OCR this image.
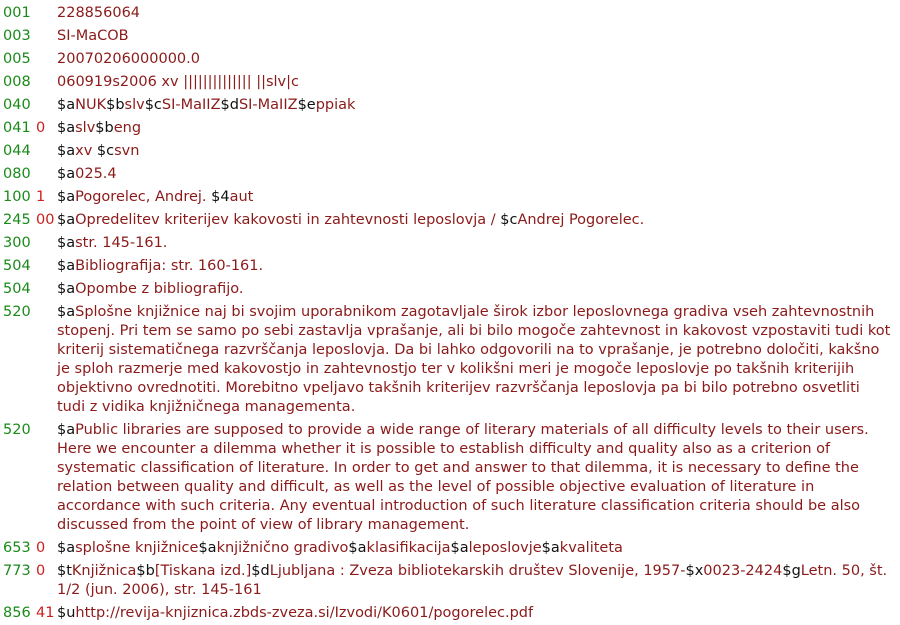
001	228856064
003	SI-MaCOB
005	20070206000000.0
008	060919s2006 xv |||||||||||||| ||slv|c
040	$aNUK$bslv$cSI-MaIIZ$dSI-MaIIZ$eppiak
041 0 $aslv$beng
044	$axv $csvn
080	$a025.4
100 1 $aPogorelec, Andrej. $4aut
245 00 $aOpredelitev kriterijev kakovosti in zahtevnosti leposlovja / $cAndrej Pogorelec.
300	$astr. 145-161.
504	$aBibliografija: str. 160-161.
504	$aOpombe z bibliografijo.
520	$aSplošne knjižnice naj bi svojim uporabnikom zagotavljale širok izbor leposlovnega gradiva vseh zahtevnostnih stopenj. Pri tem se samo po sebi zastavlja vprašanje, ali bi bilo mogoče zahtevnost in kakovost vzpostaviti tudi kot kriterij sistematičnega razvrščanja leposlovja. Da bi lahko odgovorili na to vprašanje, je potrebno določiti, kakšno je sploh razmerje med kakovostjo in zahtevnostjo ter v kolikšni meri je mogoče leposlovje po takšnih kriterijih objektivno ovrednotiti. Morebitno vpeljavo takšnih kriterijev razvrščanja leposlovja pa bi bilo potrebno osvetliti tudi z vidika knjižničnega managementa.
520	$aPublic libraries are supposed to provide a wide range of literary materials of all difficulty levels to their users. Here we encounter a dilemma whether it is possible to establish difficulty and quality also as a criterion of systematic classification of literature. In order to get and answer to that dilemma, it is necessary to define the relation between quality and difficult, as well as the level of possible objective evaluation of literature in accordance with such criteria. Any eventual introduction of such literature classification criteria should be also discussed from the point of view of library management.
653 0 $asplošne knjižnice$aknjižnično gradivo$aklasifikacija$aleposlovje$akvaliteta
773 0 $tKnjižnica$b[Tiskana izd.]$dLjubljana : Zveza bibliotekarskih društev Slovenije, 1957-$x0023-2424$gLetn. 50, št. 1/2 (jun. 2006), str. 145-161
856 41 $uhttp://revija-knjiznica.zbds-zveza.si/Izvodi/K0601/pogorelec.pdf
